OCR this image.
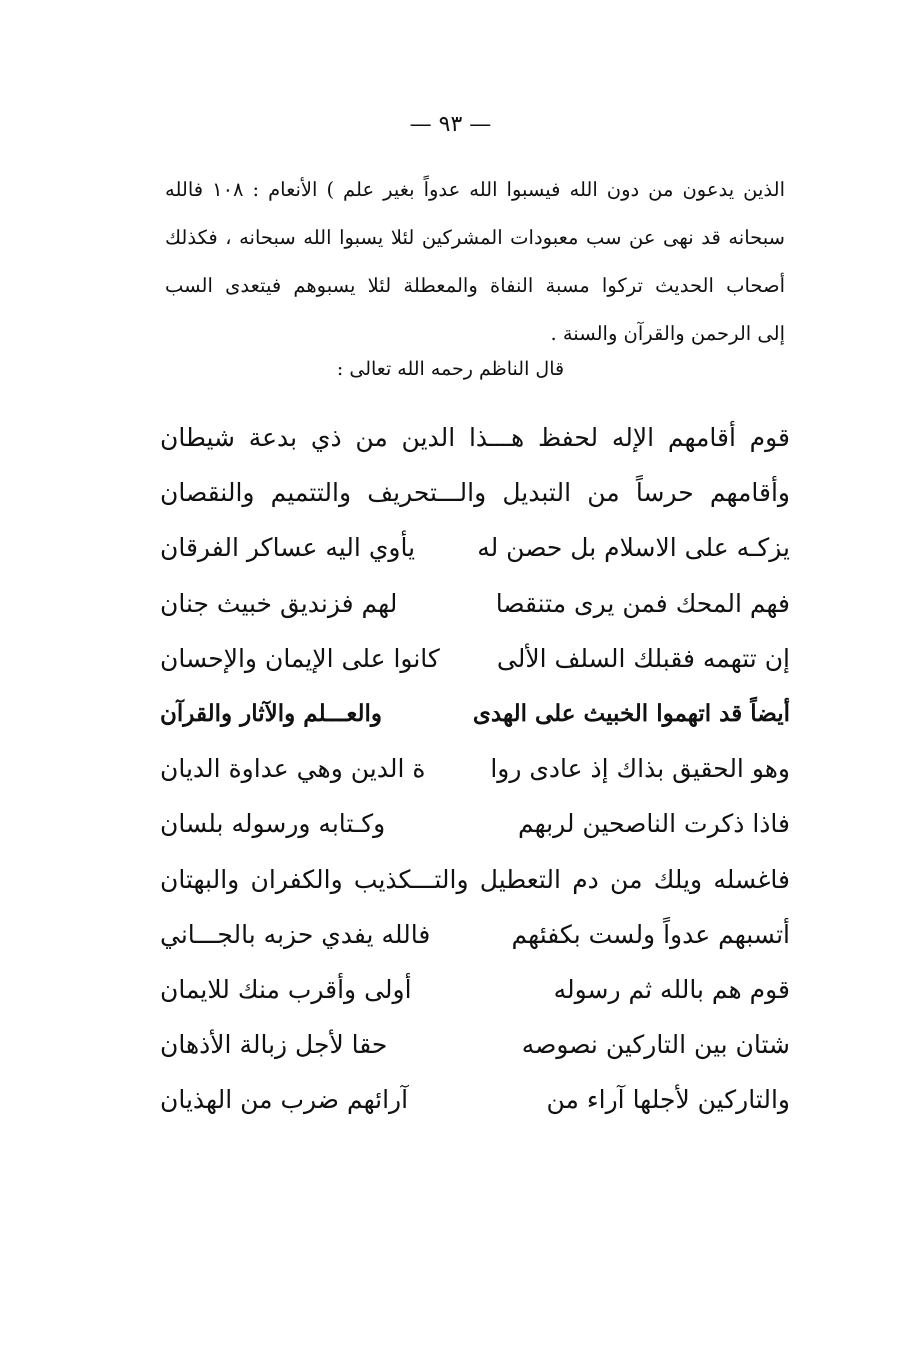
— ٩٣ —
الذين يدعون من دون الله فيسبوا الله عدواً بغير علم ) الأنعام : ١٠٨ فالله
سبحانه قد نهى عن سب معبودات المشركين لئلا يسبوا الله سبحانه ، فكذلك
أصحاب الحديث تركوا مسبة النفاة والمعطلة لئلا يسبوهم فيتعدى السب
إلى الرحمن والقرآن والسنة .
قال الناظم رحمه الله تعالى :
قوم أقامهم الإله لحفظ هـــذا الدين من ذي بدعة شيطان
وأقامهم حرساً من التبديل والـــتحريف والتتميم والنقصان
يزكـه على الاسلام بل حصن له
يأوي اليه عساكر الفرقان
فهم المحك فمن يرى متنقصا
لهم فزنديق خبيث جنان
إن تتهمه فقبلك السلف الألى
كانوا على الإيمان والإحسان
أيضاً قد اتهموا الخبيث على الهدى
والعـــلم والآثار والقرآن
وهو الحقيق بذاك إذ عادى روا
ة الدين وهي عداوة الديان
فاذا ذكرت الناصحين لربهم
وكـتابه ورسوله بلسان
فاغسله ويلك من دم التعطيل والتـــكذيب والكفران والبهتان
أتسبهم عدواً ولست بكفئهم
فالله يفدي حزبه بالجـــاني
قوم هم بالله ثم رسوله
أولى وأقرب منك للايمان
شتان بين التاركين نصوصه
حقا لأجل زبالة الأذهان
والتاركين لأجلها آراء من
آرائهم ضرب من الهذيان
